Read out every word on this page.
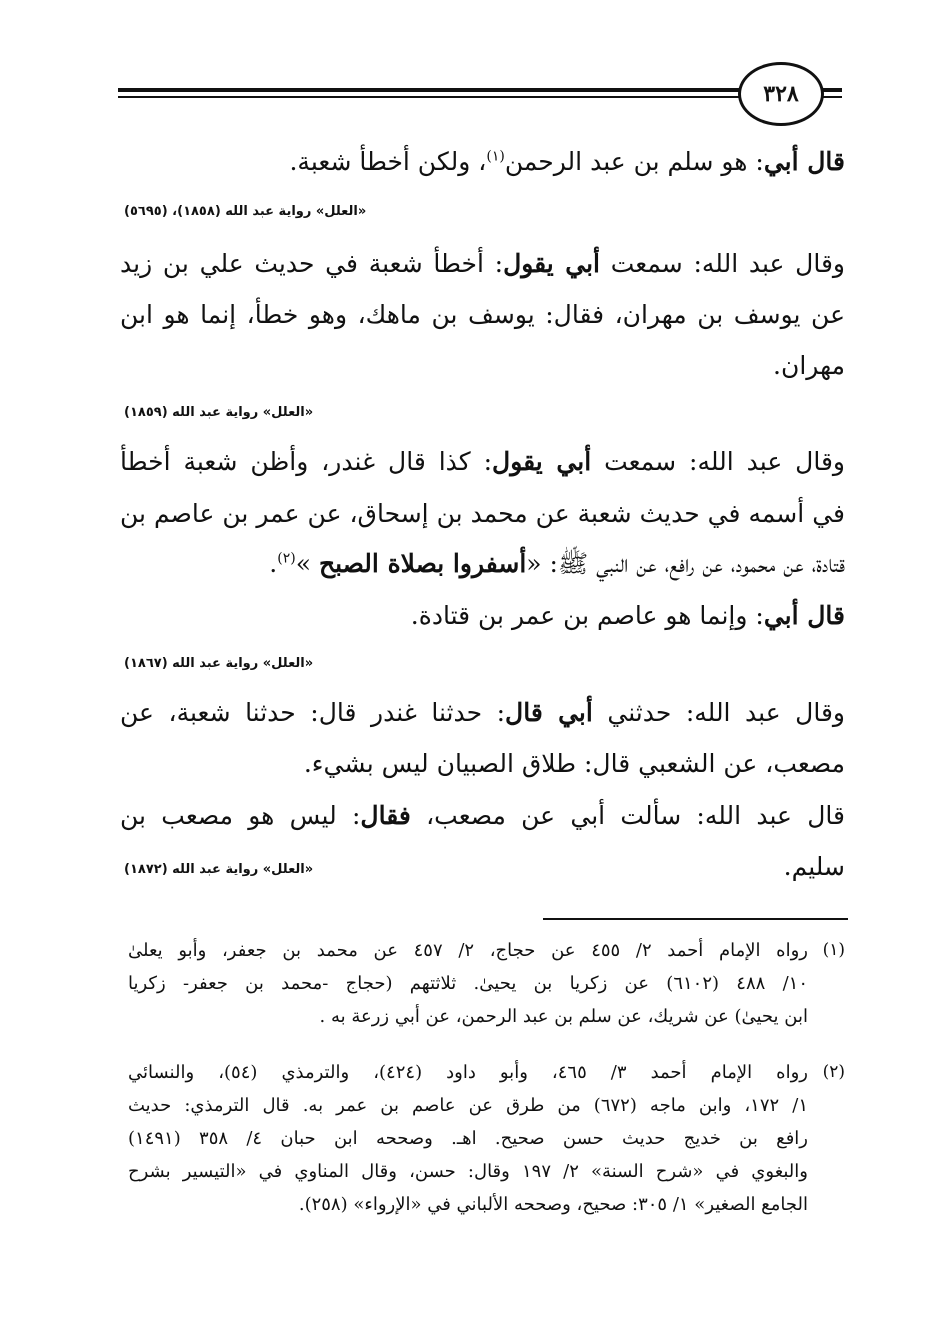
٣٢٨
قال أبي: هو سلم بن عبد الرحمن$^{(١)}$، ولكن أخطأ شعبة.
«العلل» رواية عبد الله (١٨٥٨)، (٥٦٩٥)
وقال عبد الله: سمعت أبي يقول: أخطأ شعبة في حديث علي بن زيد
عن يوسف بن مهران، فقال: يوسف بن ماهك، وهو خطأ، إنما هو ابن
مهران.
«العلل» رواية عبد الله (١٨٥٩)
وقال عبد الله: سمعت أبي يقول: كذا قال غندر، وأظن شعبة أخطأ
في أسمه في حديث شعبة عن محمد بن إسحاق، عن عمر بن عاصم بن
قتادة، عن محمود، عن رافع، عن النبي ﷺ: «أسفروا بصلاة الصبح »$^{(٢)}$.
قال أبي: وإنما هو عاصم بن عمر بن قتادة.
«العلل» رواية عبد الله (١٨٦٧)
وقال عبد الله: حدثني أبي قال: حدثنا غندر قال: حدثنا شعبة، عن
مصعب، عن الشعبي قال: طلاق الصبيان ليس بشيء.
قال عبد الله: سألت أبي عن مصعب، فقال: ليس هو مصعب بن
سليم.
«العلل» رواية عبد الله (١٨٧٢)
(١)
رواه الإمام أحمد ٢/ ٤٥٥ عن حجاج، ٢/ ٤٥٧ عن محمد بن جعفر، وأبو يعلىٰ
١٠/ ٤٨٨ (٦١٠٢) عن زكريا بن يحيىٰ. ثلاثتهم (حجاج -محمد بن جعفر- زكريا
ابن يحيىٰ) عن شريك، عن سلم بن عبد الرحمن، عن أبي زرعة به .
(٢)
رواه الإمام أحمد ٣/ ٤٦٥، وأبو داود (٤٢٤)، والترمذي (٥٤)، والنسائي
١/ ١٧٢، وابن ماجه (٦٧٢) من طرق عن عاصم بن عمر به. قال الترمذي: حديث
رافع بن خديج حديث حسن صحيح. اهـ. وصححه ابن حبان ٤/ ٣٥٨ (١٤٩١)
والبغوي في «شرح السنة» ٢/ ١٩٧ وقال: حسن، وقال المناوي في «التيسير بشرح
الجامع الصغير» ١/ ٣٠٥: صحيح، وصححه الألباني في «الإرواء» (٢٥٨).
